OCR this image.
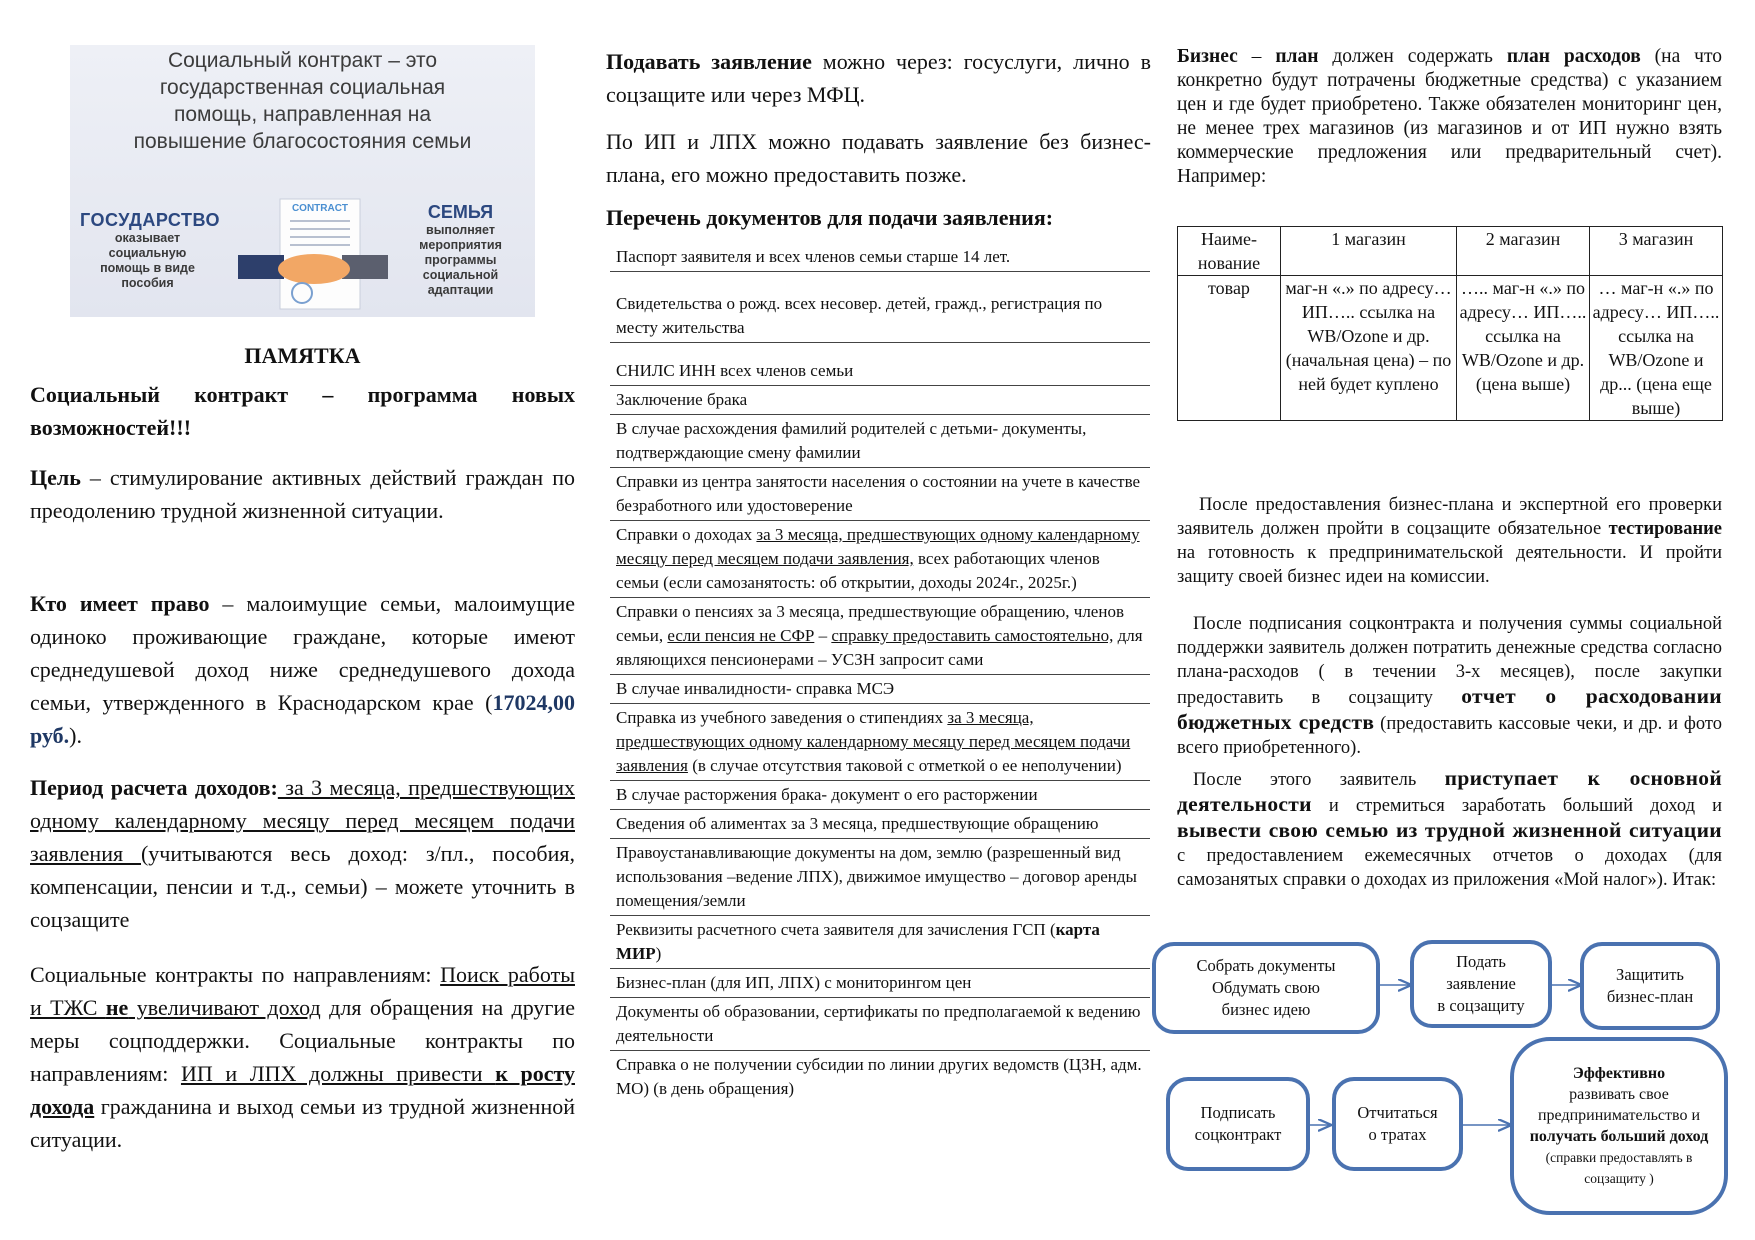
Социальный контракт – это
государственная социальная
помощь, направленная на
повышение благосостояния семьи
ГОСУДАРСТВО
оказывает
социальную
помощь в виде
пособия
CONTRACT	СЕМЬЯ
выполняет
мероприятия
программы
социальной
адаптации
ПАМЯТКА
Социальный контракт – программа новых возможностей!!!
Цель – стимулирование активных действий граждан по преодолению трудной жизненной ситуации.
Кто имеет право – малоимущие семьи, малоимущие одиноко проживающие граждане, которые имеют среднедушевой доход ниже среднедушевого дохода семьи, утвержденного в Краснодарском крае (17024,00 руб.).
Период расчета доходов: за 3 месяца, предшествующих одному календарному месяцу перед месяцем подачи заявления (учитываются весь доход: з/пл., пособия, компенсации, пенсии и т.д., семьи) – можете уточнить в соцзащите
Социальные контракты по направлениям: Поиск работы и ТЖС не увеличивают доход для обращения на другие меры соцподдержки. Социальные контракты по направлениям: ИП и ЛПХ должны привести к росту дохода гражданина и выход семьи из трудной жизненной ситуации.
Подавать заявление можно через: госуслуги, лично в соцзащите или через МФЦ.
По ИП и ЛПХ можно подавать заявление без бизнес-плана, его можно предоставить позже.
Перечень документов для подачи заявления:
Паспорт заявителя и всех членов семьи старше 14 лет.
Свидетельства о рожд. всех несовер. детей, гражд., регистрация по месту жительства
СНИЛС ИНН всех членов семьи
Заключение брака
В случае расхождения фамилий родителей с детьми- документы, подтверждающие смену фамилии
Справки из центра занятости населения о состоянии на учете в качестве безработного или удостоверение
Справки о доходах за 3 месяца, предшествующих одному календарному месяцу перед месяцем подачи заявления, всех работающих членов семьи (если самозанятость: об открытии, доходы 2024г., 2025г.)
Справки о пенсиях за 3 месяца, предшествующие обращению, членов семьи, если пенсия не СФР – справку предоставить самостоятельно, для являющихся пенсионерами – УСЗН запросит сами
В случае инвалидности- справка МСЭ
Справка из учебного заведения о стипендиях за 3 месяца, предшествующих одному календарному месяцу перед месяцем подачи заявления (в случае отсутствия таковой с отметкой о ее неполучении)
В случае расторжения брака- документ о его расторжении
Сведения об алиментах за 3 месяца, предшествующие обращению
Правоустанавливающие документы на дом, землю (разрешенный вид использования –ведение ЛПХ), движимое имущество – договор аренды помещения/земли
Реквизиты расчетного счета заявителя для зачисления ГСП (карта МИР)
Бизнес-план (для ИП, ЛПХ) с мониторингом цен
Документы об образовании, сертификаты по предполагаемой к ведению деятельности
Справка о не получении субсидии по линии других ведомств (ЦЗН, адм. МО) (в день обращения)
Бизнес – план должен содержать план расходов (на что конкретно будут потрачены бюджетные средства) с указанием цен и где будет приобретено. Также обязателен мониторинг цен, не менее трех магазинов (из магазинов и от ИП нужно взять коммерческие предложения или предварительный счет). Например:
Наиме-нование	1 магазин	2 магазин	3 магазин
товар	маг-н «.» по адресу… ИП….. ссылка на WB/Ozone и др. (начальная цена) – по ней будет куплено	….. маг-н «.» по адресу… ИП….. ссылка на WB/Ozone и др. (цена выше)	… маг-н «.» по адресу… ИП….. ссылка на WB/Ozone и др... (цена еще выше)
После предоставления бизнес-плана и экспертной его проверки заявитель должен пройти в соцзащите обязательное тестирование на готовность к предпринимательской деятельности. И пройти защиту своей бизнес идеи на комиссии.
После подписания соцконтракта и получения суммы социальной поддержки заявитель должен потратить денежные средства согласно плана-расходов ( в течении 3-х месяцев), после закупки предоставить в соцзащиту отчет о расходовании бюджетных средств (предоставить кассовые чеки, и др. и фото всего приобретенного).
После этого заявитель приступает к основной деятельности и стремиться заработать больший доход и вывести свою семью из трудной жизненной ситуации с предоставлением ежемесячных отчетов о доходах (для самозанятых справки о доходах из приложения «Мой налог»). Итак:
Собрать документы
Обдумать свою
бизнес идею
Подать
заявление
в соцзащиту
Защитить
бизнес-план
Подписать
соцконтракт
Отчитаться
о тратах
Эффективно
развивать свое предпринимательство и
получать больший доход (справки предоставлять в соцзащиту )
